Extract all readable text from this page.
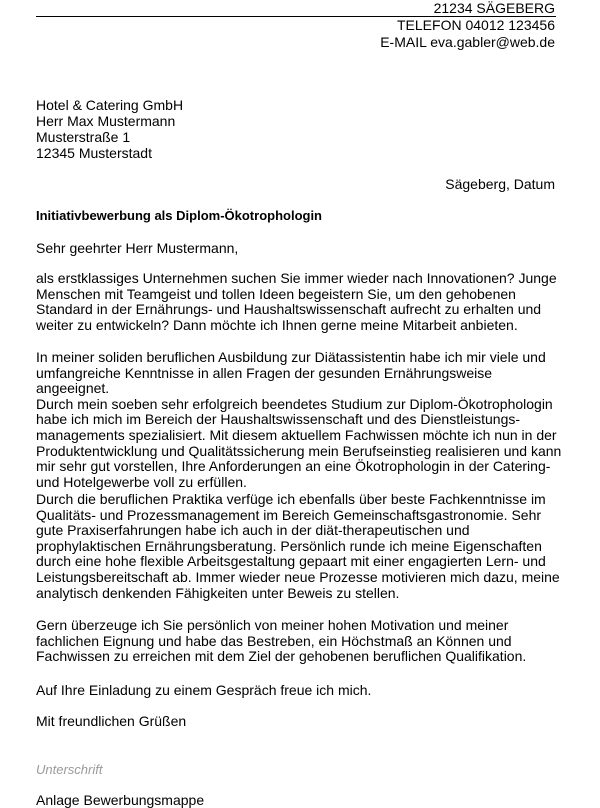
21234 SÄGEBERG
TELEFON 04012 123456
E-MAIL eva.gabler@web.de
Hotel & Catering GmbH
Herr Max Mustermann
Musterstraße 1
12345 Musterstadt
Sägeberg, Datum
Initiativbewerbung als Diplom-Ökotrophologin
Sehr geehrter Herr Mustermann,
als erstklassiges Unternehmen suchen Sie immer wieder nach Innovationen? Junge
Menschen mit Teamgeist und tollen Ideen begeistern Sie, um den gehobenen
Standard in der Ernährungs- und Haushaltswissenschaft aufrecht zu erhalten und
weiter zu entwickeln? Dann möchte ich Ihnen gerne meine Mitarbeit anbieten.
In meiner soliden beruflichen Ausbildung zur Diätassistentin habe ich mir viele und
umfangreiche Kenntnisse in allen Fragen der gesunden Ernährungsweise angeeignet.
Durch mein soeben sehr erfolgreich beendetes Studium zur Diplom-Ökotrophologin
habe ich mich im Bereich der Haushaltswissenschaft und des Dienstleistungs-
managements spezialisiert. Mit diesem aktuellem Fachwissen möchte ich nun in der
Produktentwicklung und Qualitätssicherung mein Berufseinstieg realisieren und kann
mir sehr gut vorstellen, Ihre Anforderungen an eine Ökotrophologin in der Catering-
und Hotelgewerbe voll zu erfüllen.
Durch die beruflichen Praktika verfüge ich ebenfalls über beste Fachkenntnisse im
Qualitäts- und Prozessmanagement im Bereich Gemeinschaftsgastronomie. Sehr
gute Praxiserfahrungen habe ich auch in der diät-therapeutischen und
prophylaktischen Ernährungsberatung. Persönlich runde ich meine Eigenschaften
durch eine hohe flexible Arbeitsgestaltung gepaart mit einer engagierten Lern- und
Leistungsbereitschaft ab. Immer wieder neue Prozesse motivieren mich dazu, meine
analytisch denkenden Fähigkeiten unter Beweis zu stellen.
Gern überzeuge ich Sie persönlich von meiner hohen Motivation und meiner
fachlichen Eignung und habe das Bestreben, ein Höchstmaß an Können und
Fachwissen zu erreichen mit dem Ziel der gehobenen beruflichen Qualifikation.
Auf Ihre Einladung zu einem Gespräch freue ich mich.
Mit freundlichen Grüßen
Unterschrift
Anlage Bewerbungsmappe
